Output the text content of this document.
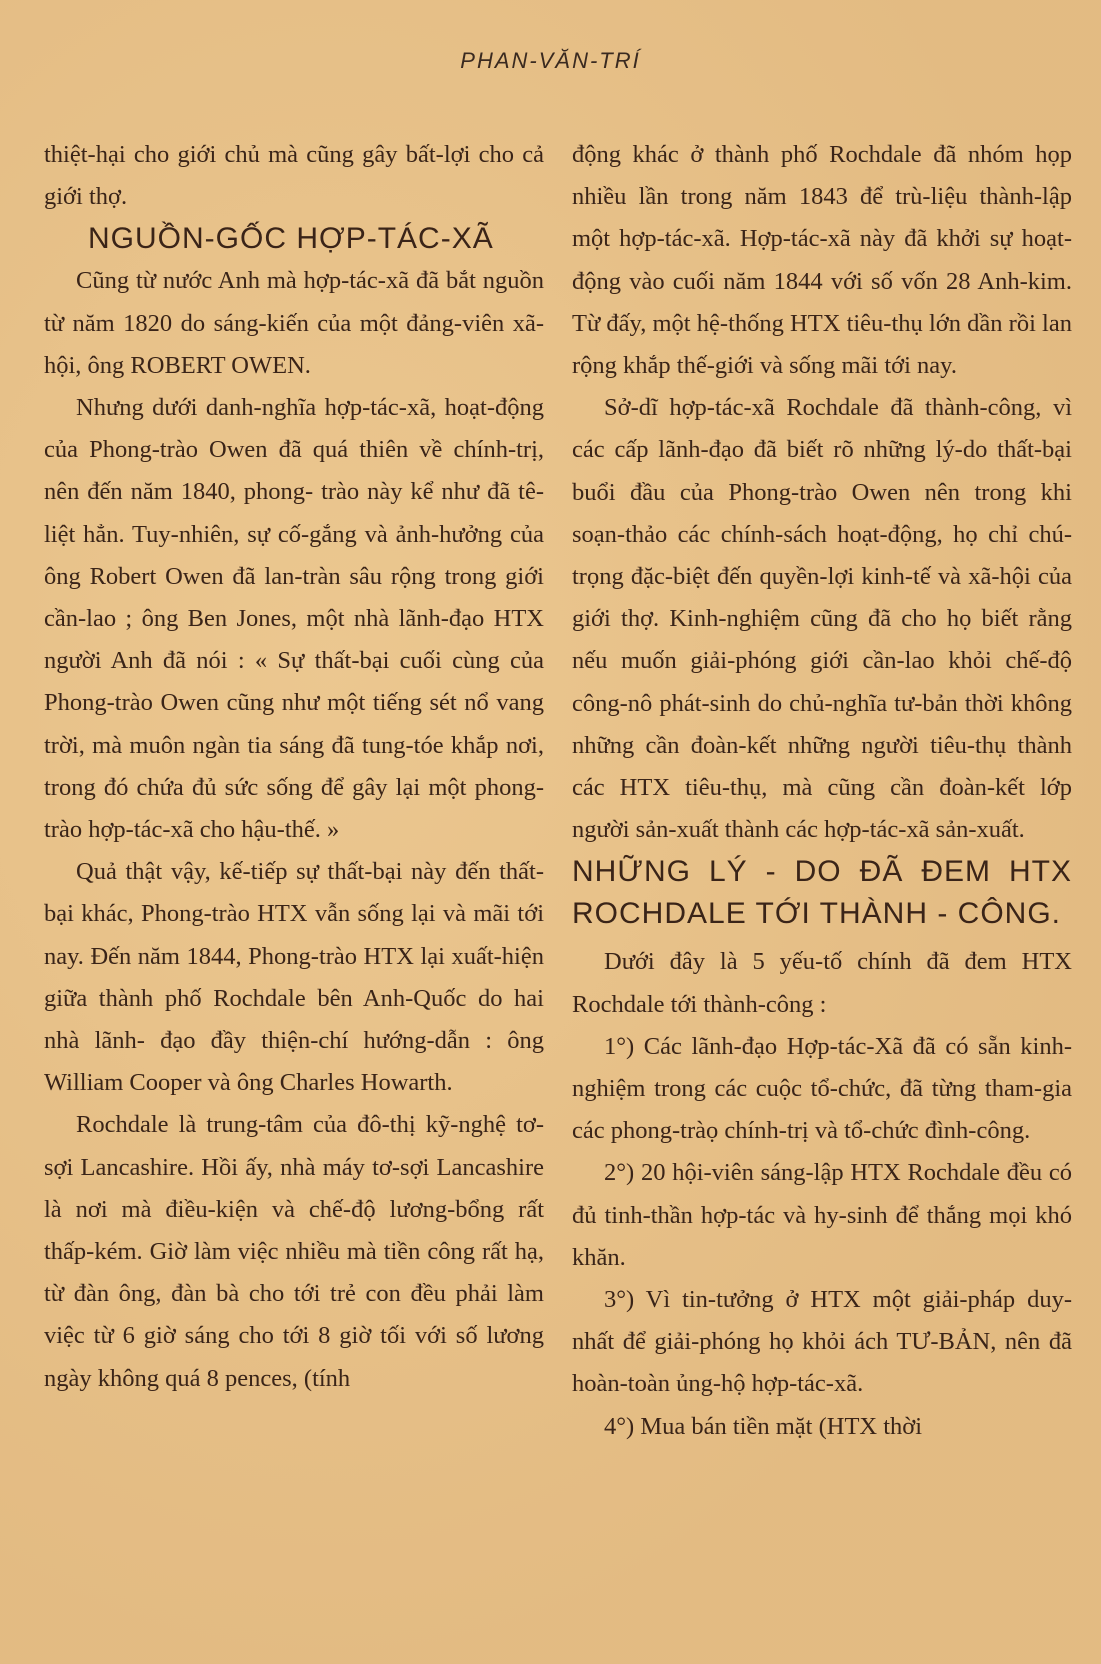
PHAN-VĂN-TRÍ

thiệt-hại cho giới chủ mà cũng gây bất-lợi cho cả giới thợ.

NGUỒN-GỐC HỢP-TÁC-XÃ

Cũng từ nước Anh mà hợp-tác-xã đã bắt nguồn từ năm 1820 do sáng-kiến của một đảng-viên xã-hội, ông ROBERT OWEN.

Nhưng dưới danh-nghĩa hợp-tác-xã, hoạt-động của Phong-trào Owen đã quá thiên về chính-trị, nên đến năm 1840, phong- trào này kể như đã tê-liệt hẳn. Tuy-nhiên, sự cố-gắng và ảnh-hưởng của ông Robert Owen đã lan-tràn sâu rộng trong giới cần-lao ; ông Ben Jones, một nhà lãnh-đạo HTX người Anh đã nói : « Sự thất-bại cuối cùng của Phong-trào Owen cũng như một tiếng sét nổ vang trời, mà muôn ngàn tia sáng đã tung-tóe khắp nơi, trong đó chứa đủ sức sống để gây lại một phong-trào hợp-tác-xã cho hậu-thế. »

Quả thật vậy, kế-tiếp sự thất-bại này đến thất-bại khác, Phong-trào HTX vẫn sống lại và mãi tới nay. Đến năm 1844, Phong-trào HTX lại xuất-hiện giữa thành phố Rochdale bên Anh-Quốc do hai nhà lãnh- đạo đầy thiện-chí hướng-dẫn : ông William Cooper và ông Charles Howarth.

Rochdale là trung-tâm của đô-thị kỹ-nghệ tơ-sợi Lancashire. Hồi ấy, nhà máy tơ-sợi Lancashire là nơi mà điều-kiện và chế-độ lương-bổng rất thấp-kém. Giờ làm việc nhiều mà tiền công rất hạ, từ đàn ông, đàn bà cho tới trẻ con đều phải làm việc từ 6 giờ sáng cho tới 8 giờ tối với số lương ngày không quá 8 pences, (tính

động khác ở thành phố Rochdale đã nhóm họp nhiều lần trong năm 1843 để trù-liệu thành-lập một hợp-tác-xã. Hợp-tác-xã này đã khởi sự hoạt-động vào cuối năm 1844 với số vốn 28 Anh-kim. Từ đấy, một hệ-thống HTX tiêu-thụ lớn dần rồi lan rộng khắp thế-giới và sống mãi tới nay.

Sở-dĩ hợp-tác-xã Rochdale đã thành-công, vì các cấp lãnh-đạo đã biết rõ những lý-do thất-bại buổi đầu của Phong-trào Owen nên trong khi soạn-thảo các chính-sách hoạt-động, họ chỉ chú-trọng đặc-biệt đến quyền-lợi kinh-tế và xã-hội của giới thợ. Kinh-nghiệm cũng đã cho họ biết rằng nếu muốn giải-phóng giới cần-lao khỏi chế-độ công-nô phát-sinh do chủ-nghĩa tư-bản thời không những cần đoàn-kết những người tiêu-thụ thành các HTX tiêu-thụ, mà cũng cần đoàn-kết lớp người sản-xuất thành các hợp-tác-xã sản-xuất.

NHỮNG LÝ - DO ĐÃ ĐEM HTX ROCHDALE TỚI THÀNH - CÔNG.

Dưới đây là 5 yếu-tố chính đã đem HTX Rochdale tới thành-công :

1°) Các lãnh-đạo Hợp-tác-Xã đã có sẵn kinh-nghiệm trong các cuộc tổ-chức, đã từng tham-gia các phong-tràọ chính-trị và tổ-chức đình-công.

2°) 20 hội-viên sáng-lập HTX Rochdale đều có đủ tinh-thần hợp-tác và hy-sinh để thắng mọi khó khăn.

3°) Vì tin-tưởng ở HTX một giải-pháp duy-nhất để giải-phóng họ khỏi ách TƯ-BẢN, nên đã hoàn-toàn ủng-hộ hợp-tác-xã.

4°) Mua bán tiền mặt (HTX thời
